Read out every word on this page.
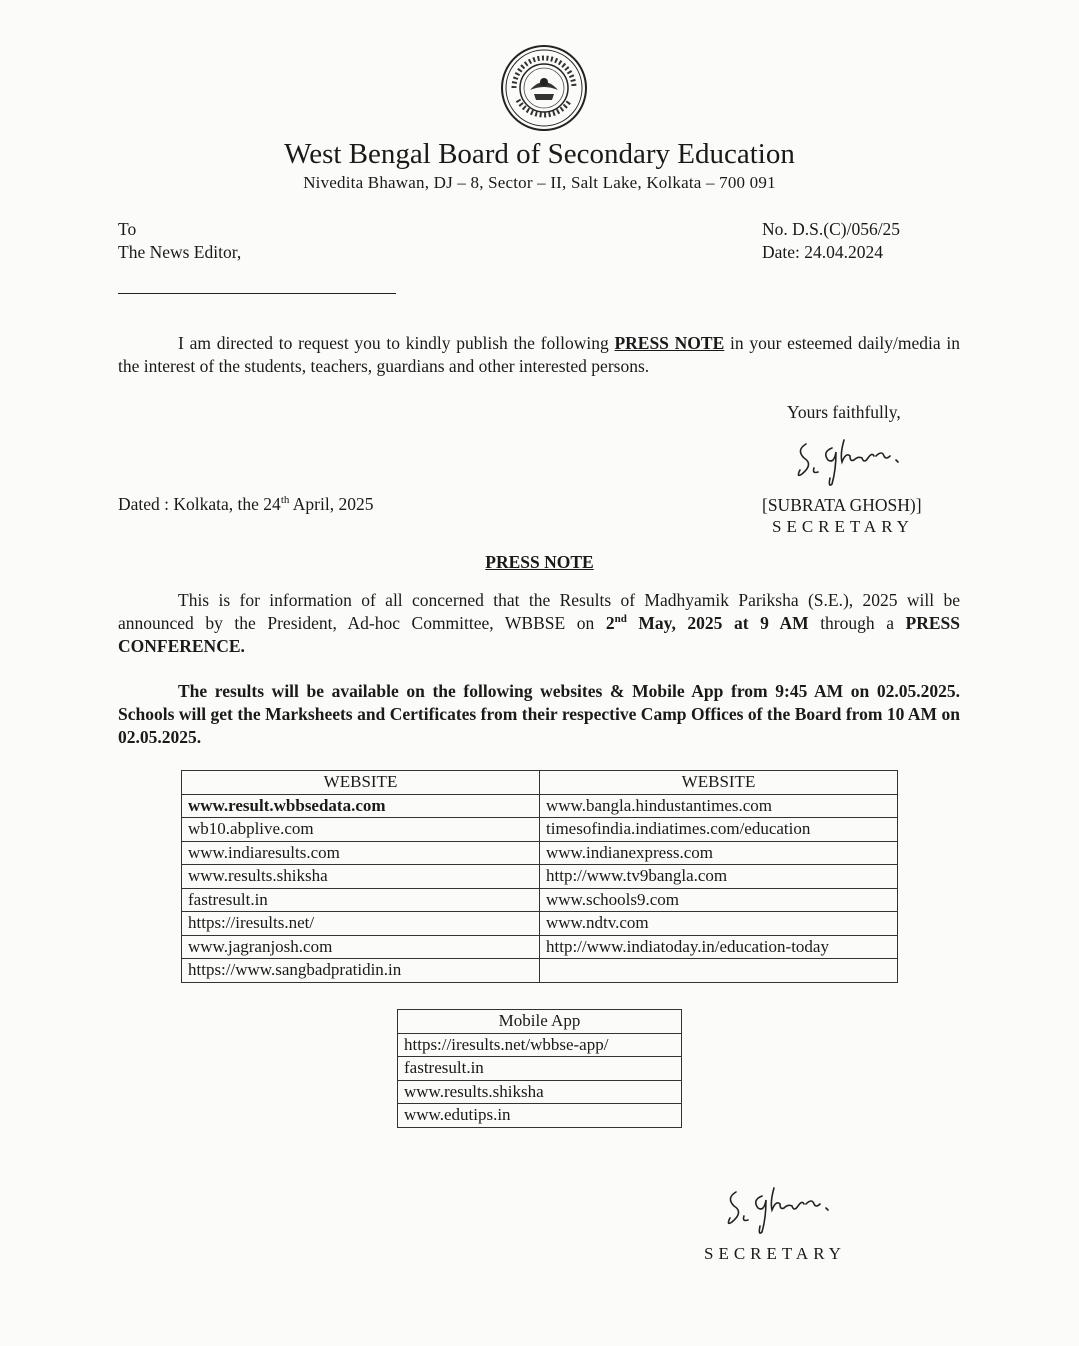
West Bengal Board of Secondary Education
Nivedita Bhawan, DJ – 8, Sector – II, Salt Lake, Kolkata – 700 091
To
The News Editor,
No. D.S.(C)/056/25
Date: 24.04.2024
I am directed to request you to kindly publish the following PRESS NOTE in your esteemed daily/media in the interest of the students, teachers, guardians and other interested persons.
Yours faithfully,
Dated : Kolkata, the 24th April, 2025	[SUBRATA GHOSH)]
SECRETARY
PRESS NOTE
This is for information of all concerned that the Results of Madhyamik Pariksha (S.E.), 2025 will be announced by the President, Ad-hoc Committee, WBBSE on 2nd May, 2025 at 9 AM through a PRESS CONFERENCE.
The results will be available on the following websites & Mobile App from 9:45 AM on 02.05.2025. Schools will get the Marksheets and Certificates from their respective Camp Offices of the Board from 10 AM on 02.05.2025.
WEBSITE	WEBSITE
www.result.wbbsedata.com	www.bangla.hindustantimes.com
wb10.abplive.com	timesofindia.indiatimes.com/education
www.indiaresults.com	www.indianexpress.com
www.results.shiksha	http://www.tv9bangla.com
fastresult.in	www.schools9.com
https://iresults.net/	www.ndtv.com
www.jagranjosh.com	http://www.indiatoday.in/education-today
https://www.sangbadpratidin.in	
Mobile App
https://iresults.net/wbbse-app/
fastresult.in
www.results.shiksha
www.edutips.in
SECRETARY
